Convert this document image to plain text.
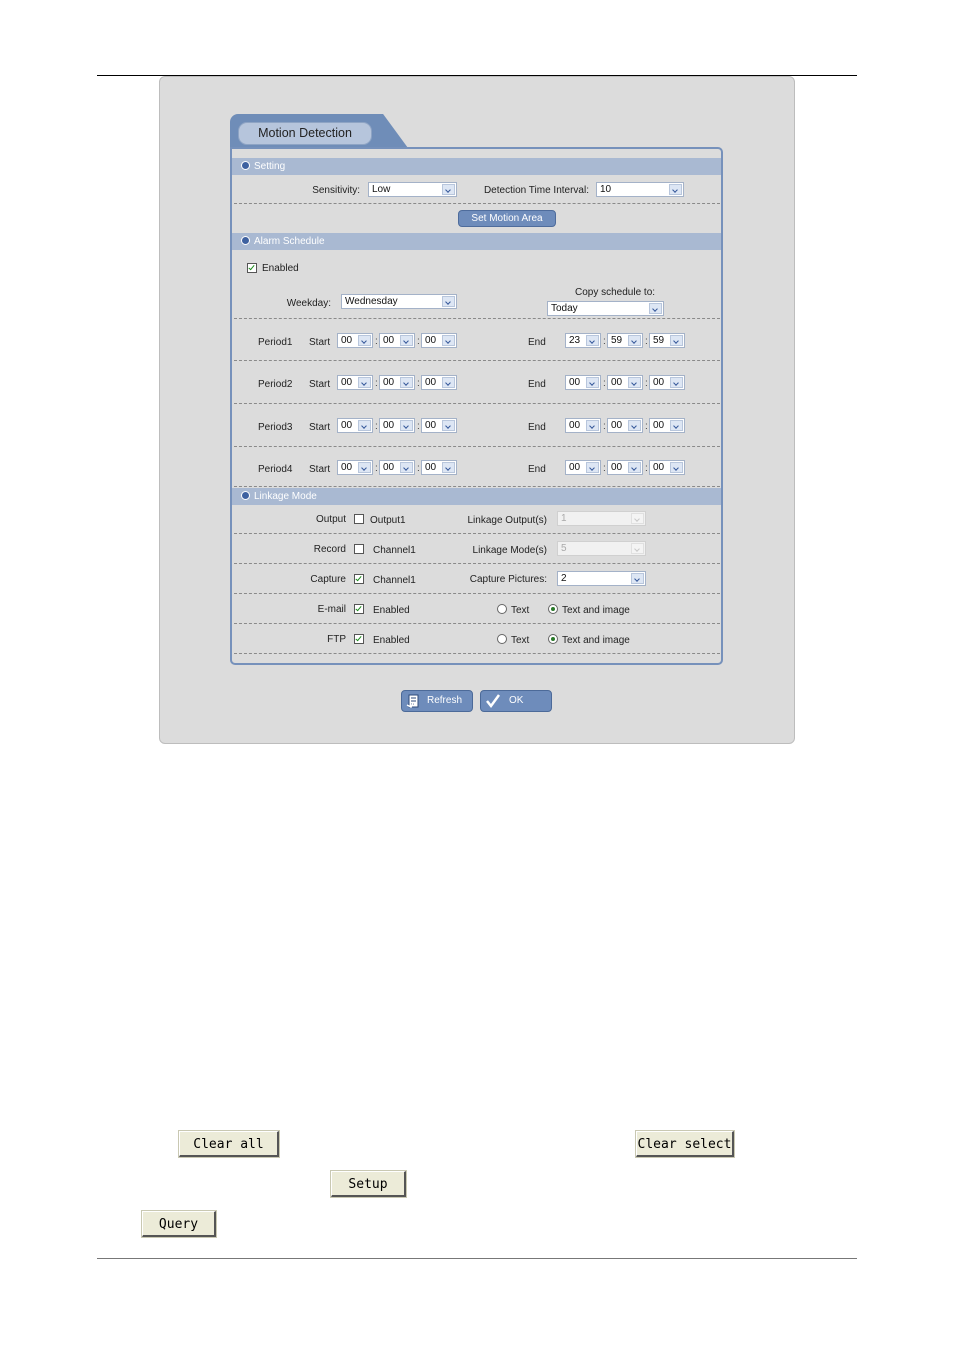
Motion Detection
Setting
Sensitivity:	Low	Detection Time Interval:	10
Set Motion Area
Alarm Schedule
Enabled
Weekday:	Wednesday
Copy schedule to:
Today
Period1 Start	00	: 00	: 00	End	23	: 59	: 59
Period2 Start	00	: 00	: 00	End	00	: 00	: 00
Period3 Start	00	: 00	: 00	End	00	: 00	: 00
Period4 Start	00	: 00	: 00	End	00	: 00	: 00
Linkage Mode
Output Output1	Linkage Output(s)	1
Record	Channel1	Linkage Mode(s)	5
Capture	Channel1	Capture Pictures:	2
E-mail	Enabled	Text	Text and image
FTP	Enabled	Text	Text and image
Refresh	OK
Clear all	Clear select
Setup
Query
